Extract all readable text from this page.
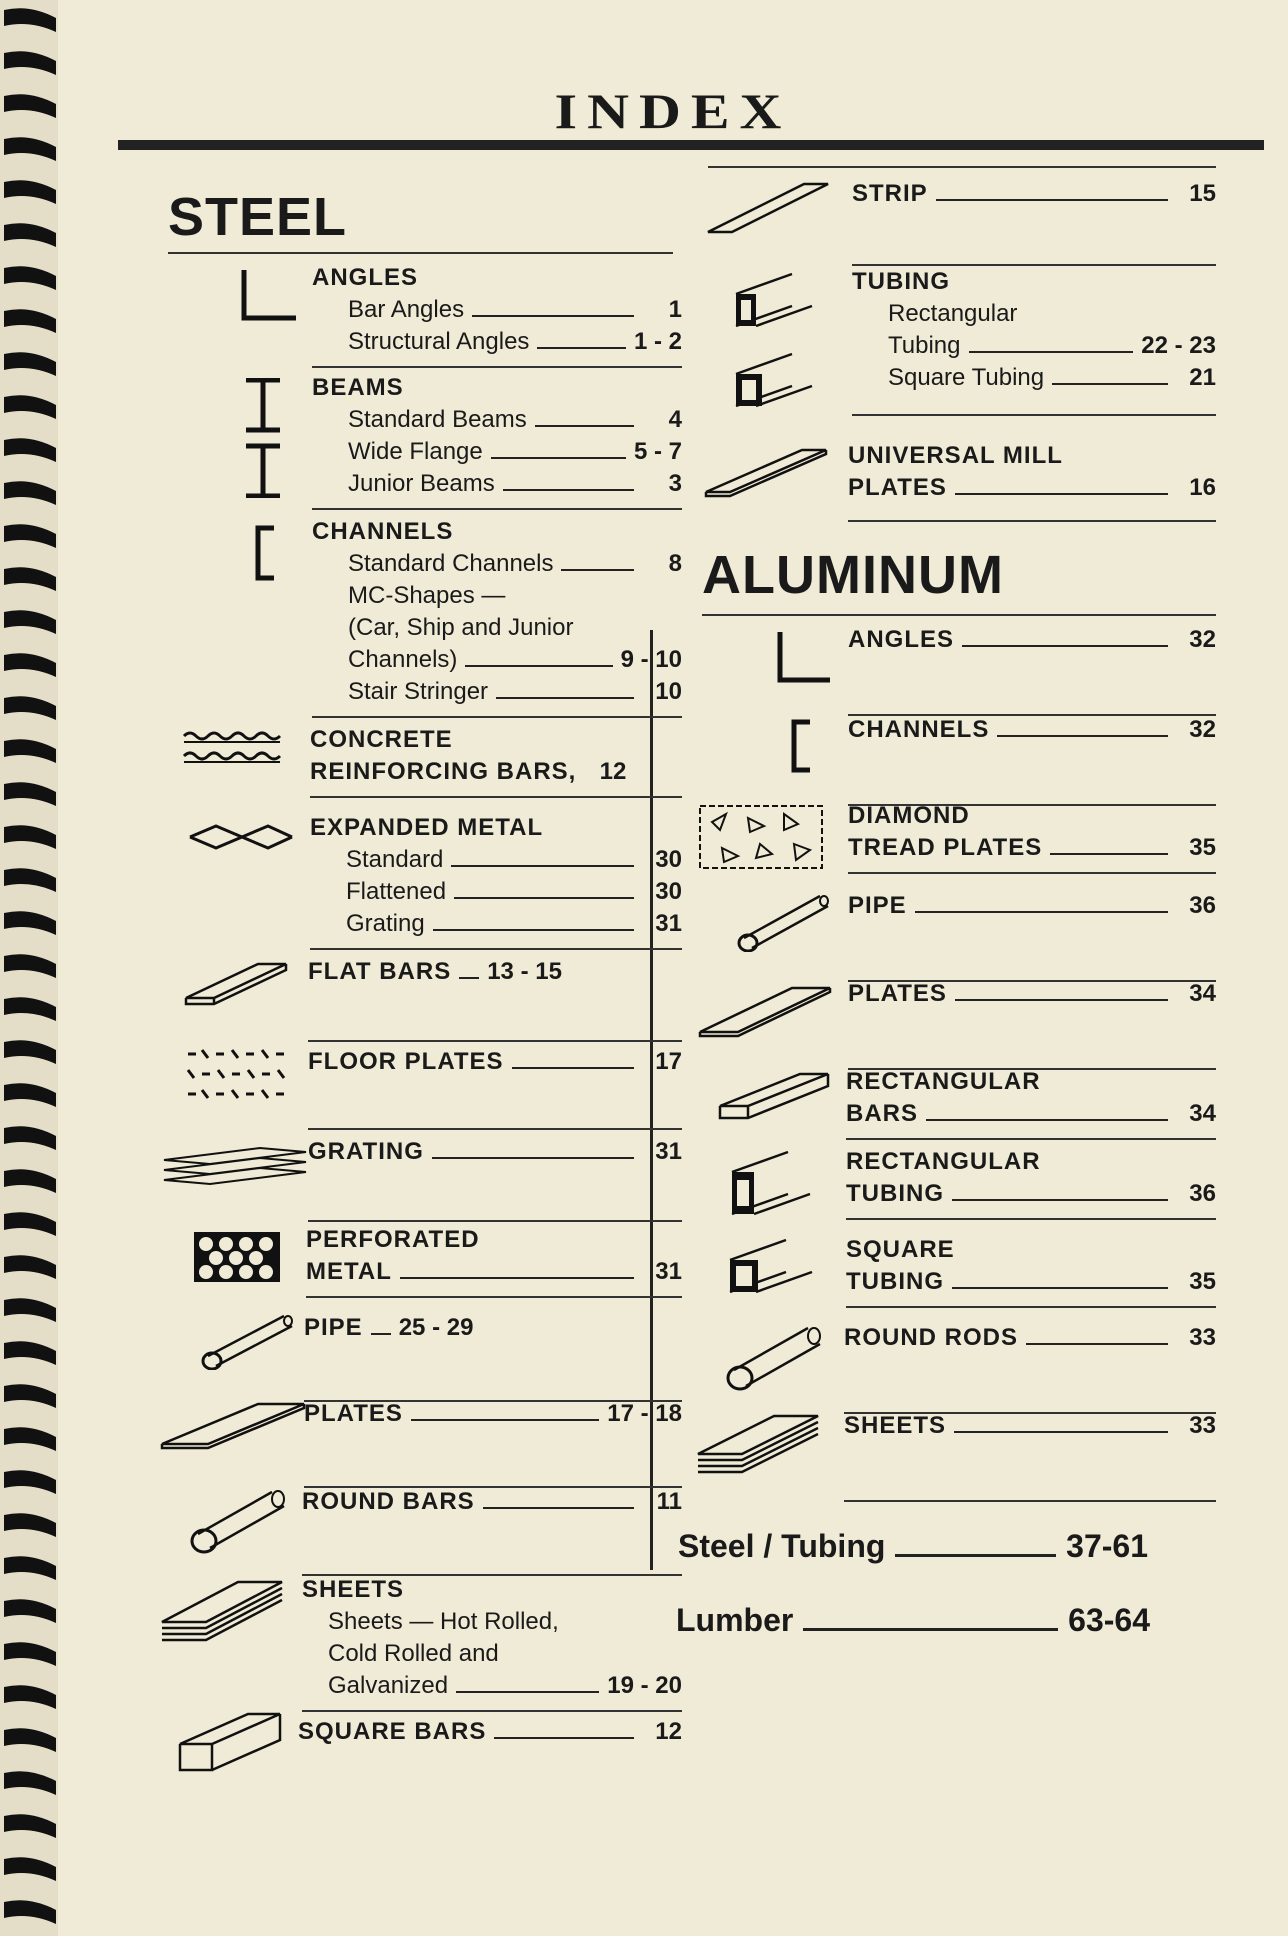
INDEX
STEEL
ANGLES
Bar Angles	1
Structural Angles	1 - 2
BEAMS
Standard Beams	4
Wide Flange	5 - 7
Junior Beams	3
CHANNELS
Standard Channels	8
MC-Shapes —
(Car, Ship and Junior
Channels)	9 - 10
Stair Stringer	10
CONCRETE
REINFORCING BARS, 12
EXPANDED METAL
Standard	30
Flattened	30
Grating	31
FLAT BARS 13 - 15
FLOOR PLATES	17
GRATING	31
PERFORATED
METAL	31
PIPE 25 - 29
PLATES	17 - 18
ROUND BARS	11
SHEETS
Sheets — Hot Rolled,
Cold Rolled and
Galvanized	19 - 20
SQUARE BARS	12
STRIP	15
TUBING
Rectangular
Tubing	22 - 23
Square Tubing	21
UNIVERSAL MILL
PLATES	16
ALUMINUM
ANGLES	32
CHANNELS	32
DIAMOND
TREAD PLATES	35
PIPE	36
PLATES	34
RECTANGULAR
BARS	34
RECTANGULAR
TUBING	36
SQUARE
TUBING	35
ROUND RODS	33
SHEETS	33
Steel / Tubing	37-61
Lumber	63-64
